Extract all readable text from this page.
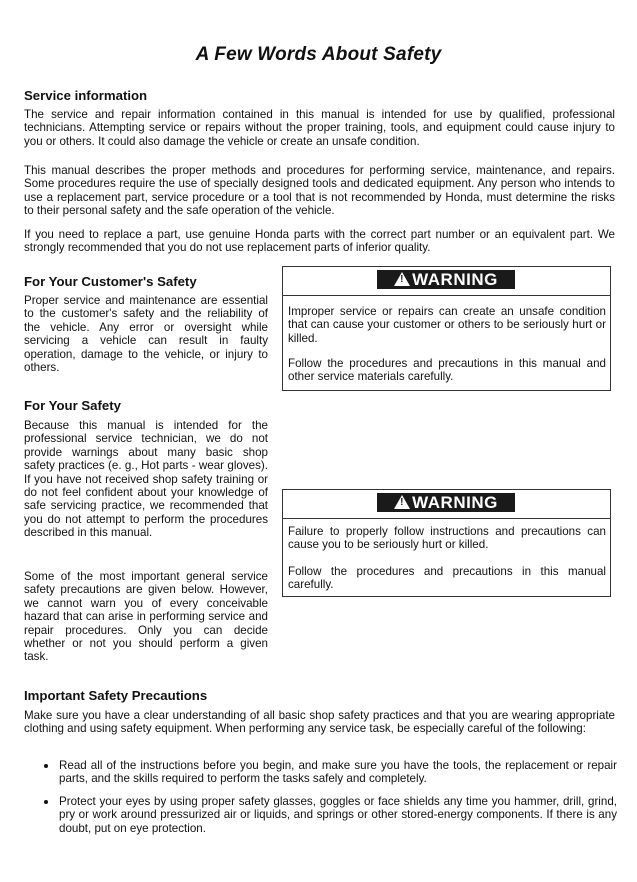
A Few Words About Safety
Service information

The service and repair information contained in this manual is intended for use by qualified, professional technicians. Attempting service or repairs without the proper training, tools, and equipment could cause injury to you or others. It could also damage the vehicle or create an unsafe condition.

This manual describes the proper methods and procedures for performing service, maintenance, and repairs. Some procedures require the use of specially designed tools and dedicated equipment. Any person who intends to use a replacement part, service procedure or a tool that is not recommended by Honda, must determine the risks to their personal safety and the safe operation of the vehicle.

If you need to replace a part, use genuine Honda parts with the correct part number or an equivalent part. We strongly recommended that you do not use replacement parts of inferior quality.

For Your Customer's Safety

Proper service and maintenance are essential to the customer's safety and the reliability of the vehicle. Any error or oversight while servicing a vehicle can result in faulty operation, damage to the vehicle, or injury to others.

! WARNING

Improper service or repairs can create an unsafe condition that can cause your customer or others to be seriously hurt or killed.

Follow the procedures and precautions in this manual and other service materials carefully.

For Your Safety

Because this manual is intended for the professional service technician, we do not provide warnings about many basic shop safety practices (e. g., Hot parts - wear gloves). If you have not received shop safety training or do not feel confident about your knowledge of safe servicing practice, we recommended that you do not attempt to perform the procedures described in this manual.

Some of the most important general service safety precautions are given below. However, we cannot warn you of every conceivable hazard that can arise in performing service and repair procedures. Only you can decide whether or not you should perform a given task.

! WARNING

Failure to properly follow instructions and precautions can cause you to be seriously hurt or killed.

Follow the procedures and precautions in this manual carefully.

Important Safety Precautions

Make sure you have a clear understanding of all basic shop safety practices and that you are wearing appropriate clothing and using safety equipment. When performing any service task, be especially careful of the following:

Read all of the instructions before you begin, and make sure you have the tools, the replacement or repair parts, and the skills required to perform the tasks safely and completely.
Protect your eyes by using proper safety glasses, goggles or face shields any time you hammer, drill, grind, pry or work around pressurized air or liquids, and springs or other stored-energy components. If there is any doubt, put on eye protection.
